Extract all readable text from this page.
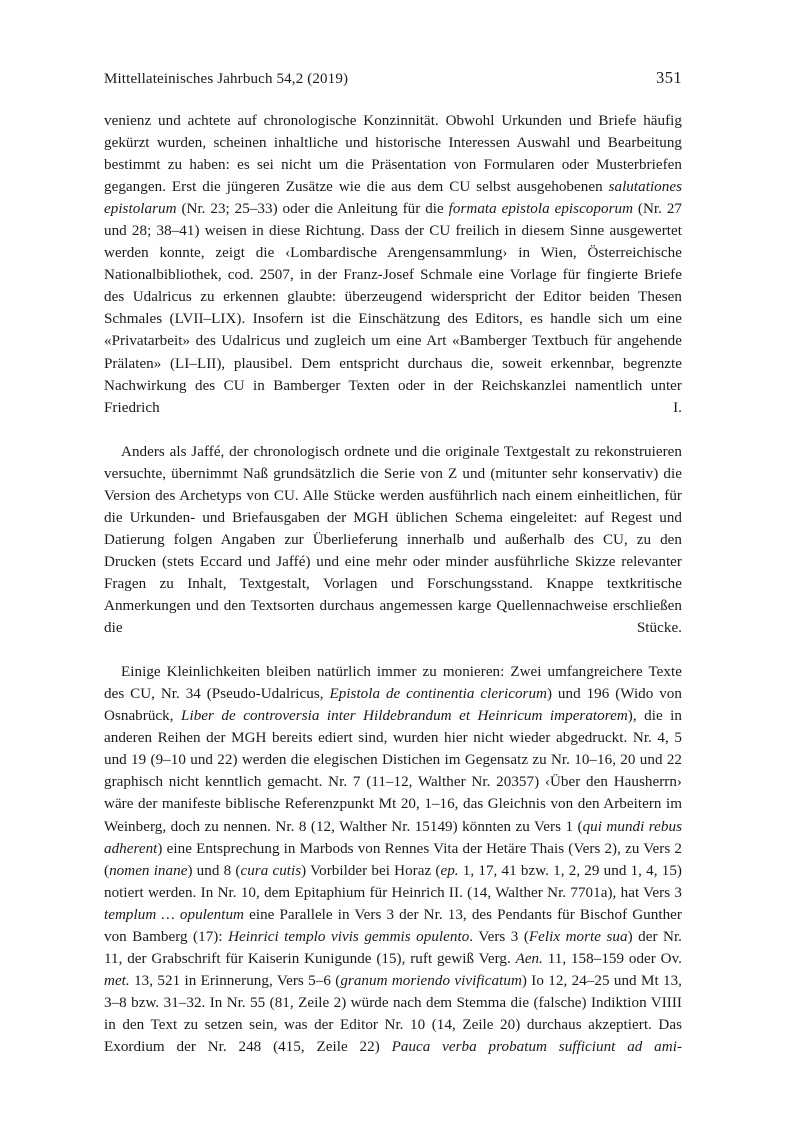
Mittellateinisches Jahrbuch 54,2 (2019)	351

venienz und achtete auf chronologische Konzinnität. Obwohl Urkunden und Briefe häufig gekürzt wurden, scheinen inhaltliche und historische Interessen Auswahl und Bearbeitung bestimmt zu haben: es sei nicht um die Präsentation von Formularen oder Musterbriefen gegangen. Erst die jüngeren Zusätze wie die aus dem CU selbst ausgehobenen salutationes epistolarum (Nr. 23; 25–33) oder die Anleitung für die formata epistola episcoporum (Nr. 27 und 28; 38–41) weisen in diese Richtung. Dass der CU freilich in diesem Sinne ausgewertet werden konnte, zeigt die ‹Lombardische Arengensammlung› in Wien, Österreichische Nationalbibliothek, cod. 2507, in der Franz-Josef Schmale eine Vorlage für fingierte Briefe des Udalricus zu erkennen glaubte: überzeugend widerspricht der Editor beiden Thesen Schmales (LVII–LIX). Insofern ist die Einschätzung des Editors, es handle sich um eine «Privatarbeit» des Udalricus und zugleich um eine Art «Bamberger Textbuch für angehende Prälaten» (LI–LII), plausibel. Dem entspricht durchaus die, soweit erkennbar, begrenzte Nachwirkung des CU in Bamberger Texten oder in der Reichskanzlei namentlich unter Friedrich I.

Anders als Jaffé, der chronologisch ordnete und die originale Textgestalt zu rekonstruieren versuchte, übernimmt Naß grundsätzlich die Serie von Z und (mitunter sehr konservativ) die Version des Archetyps von CU. Alle Stücke werden ausführlich nach einem einheitlichen, für die Urkunden- und Briefausgaben der MGH üblichen Schema eingeleitet: auf Regest und Datierung folgen Angaben zur Überlieferung innerhalb und außerhalb des CU, zu den Drucken (stets Eccard und Jaffé) und eine mehr oder minder ausführliche Skizze relevanter Fragen zu Inhalt, Textgestalt, Vorlagen und Forschungsstand. Knappe textkritische Anmerkungen und den Textsorten durchaus angemessen karge Quellennachweise erschließen die Stücke.

Einige Kleinlichkeiten bleiben natürlich immer zu monieren: Zwei umfangreichere Texte des CU, Nr. 34 (Pseudo-Udalricus, Epistola de continentia clericorum) und 196 (Wido von Osnabrück, Liber de controversia inter Hildebrandum et Heinricum imperatorem), die in anderen Reihen der MGH bereits ediert sind, wurden hier nicht wieder abgedruckt. Nr. 4, 5 und 19 (9–10 und 22) werden die elegischen Distichen im Gegensatz zu Nr. 10–16, 20 und 22 graphisch nicht kenntlich gemacht. Nr. 7 (11–12, Walther Nr. 20357) ‹Über den Hausherrn› wäre der manifeste biblische Referenzpunkt Mt 20, 1–16, das Gleichnis von den Arbeitern im Weinberg, doch zu nennen. Nr. 8 (12, Walther Nr. 15149) könnten zu Vers 1 (qui mundi rebus adherent) eine Entsprechung in Marbods von Rennes Vita der Hetäre Thais (Vers 2), zu Vers 2 (nomen inane) und 8 (cura cutis) Vorbilder bei Horaz (ep. 1, 17, 41 bzw. 1, 2, 29 und 1, 4, 15) notiert werden. In Nr. 10, dem Epitaphium für Heinrich II. (14, Walther Nr. 7701a), hat Vers 3 templum … opulentum eine Parallele in Vers 3 der Nr. 13, des Pendants für Bischof Gunther von Bamberg (17): Heinrici templo vivis gemmis opulento. Vers 3 (Felix morte sua) der Nr. 11, der Grabschrift für Kaiserin Kunigunde (15), ruft gewiß Verg. Aen. 11, 158–159 oder Ov. met. 13, 521 in Erinnerung, Vers 5–6 (granum moriendo vivificatum) Io 12, 24–25 und Mt 13, 3–8 bzw. 31–32. In Nr. 55 (81, Zeile 2) würde nach dem Stemma die (falsche) Indiktion VIIII in den Text zu setzen sein, was der Editor Nr. 10 (14, Zeile 20) durchaus akzeptiert. Das Exordium der Nr. 248 (415, Zeile 22) Pauca verba probatum sufficiunt ad ami-
